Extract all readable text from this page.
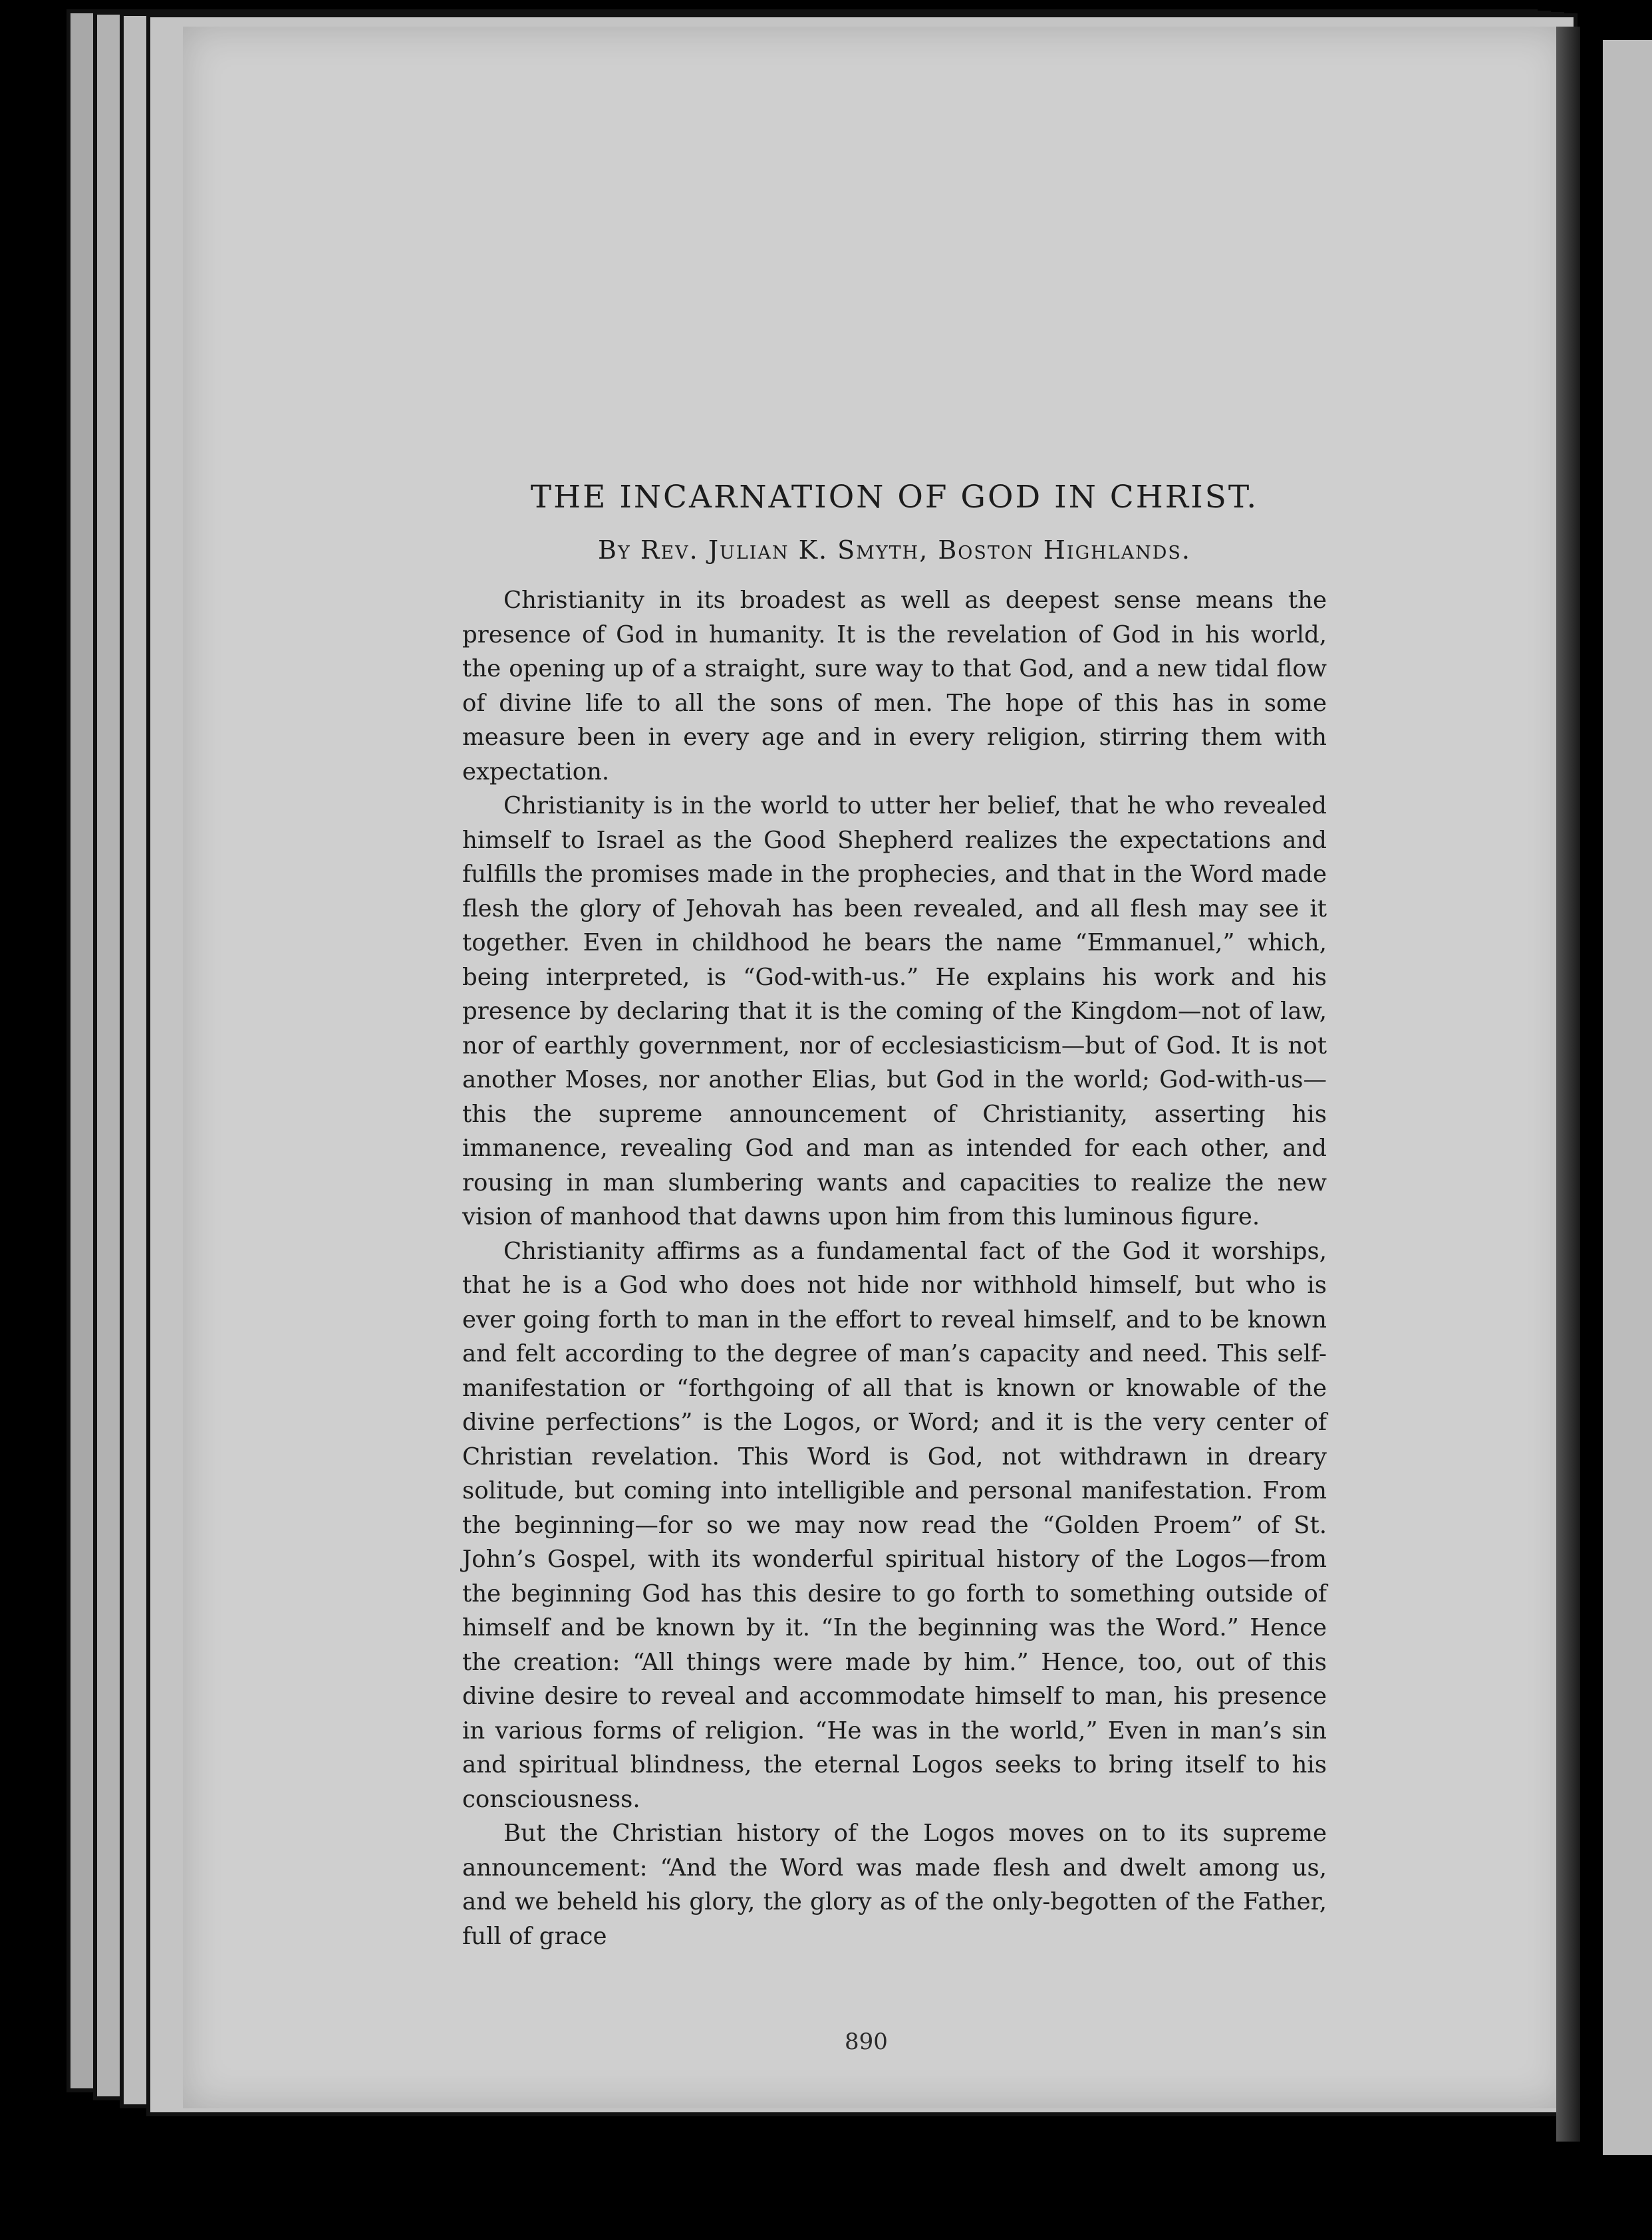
THE INCARNATION OF GOD IN CHRIST.
By Rev. Julian K. Smyth, Boston Highlands.

Christianity in its broadest as well as deepest sense means the presence of God in humanity. It is the revelation of God in his world, the opening up of a straight, sure way to that God, and a new tidal flow of divine life to all the sons of men. The hope of this has in some measure been in every age and in every religion, stirring them with expectation.

Christianity is in the world to utter her belief, that he who revealed himself to Israel as the Good Shepherd realizes the expectations and fulfills the promises made in the prophecies, and that in the Word made flesh the glory of Jehovah has been revealed, and all flesh may see it together. Even in childhood he bears the name “Emmanuel,” which, being interpreted, is “God-with-us.” He explains his work and his presence by declaring that it is the coming of the Kingdom—not of law, nor of earthly government, nor of ecclesiasticism—but of God. It is not another Moses, nor another Elias, but God in the world; God-with-us—this the supreme announcement of Christianity, asserting his immanence, revealing God and man as intended for each other, and rousing in man slumbering wants and capacities to realize the new vision of manhood that dawns upon him from this luminous figure.

Christianity affirms as a fundamental fact of the God it worships, that he is a God who does not hide nor withhold himself, but who is ever going forth to man in the effort to reveal himself, and to be known and felt according to the degree of man’s capacity and need. This self-manifestation or “forthgoing of all that is known or knowable of the divine perfections” is the Logos, or Word; and it is the very center of Christian revelation. This Word is God, not withdrawn in dreary solitude, but coming into intelligible and personal manifestation. From the beginning—for so we may now read the “Golden Proem” of St. John’s Gospel, with its wonderful spiritual history of the Logos—from the beginning God has this desire to go forth to something outside of himself and be known by it. “In the beginning was the Word.” Hence the creation: “All things were made by him.” Hence, too, out of this divine desire to reveal and accommodate himself to man, his presence in various forms of religion. “He was in the world,” Even in man’s sin and spiritual blindness, the eternal Logos seeks to bring itself to his consciousness.

But the Christian history of the Logos moves on to its supreme announcement: “And the Word was made flesh and dwelt among us, and we beheld his glory, the glory as of the only-begotten of the Father, full of grace

890
